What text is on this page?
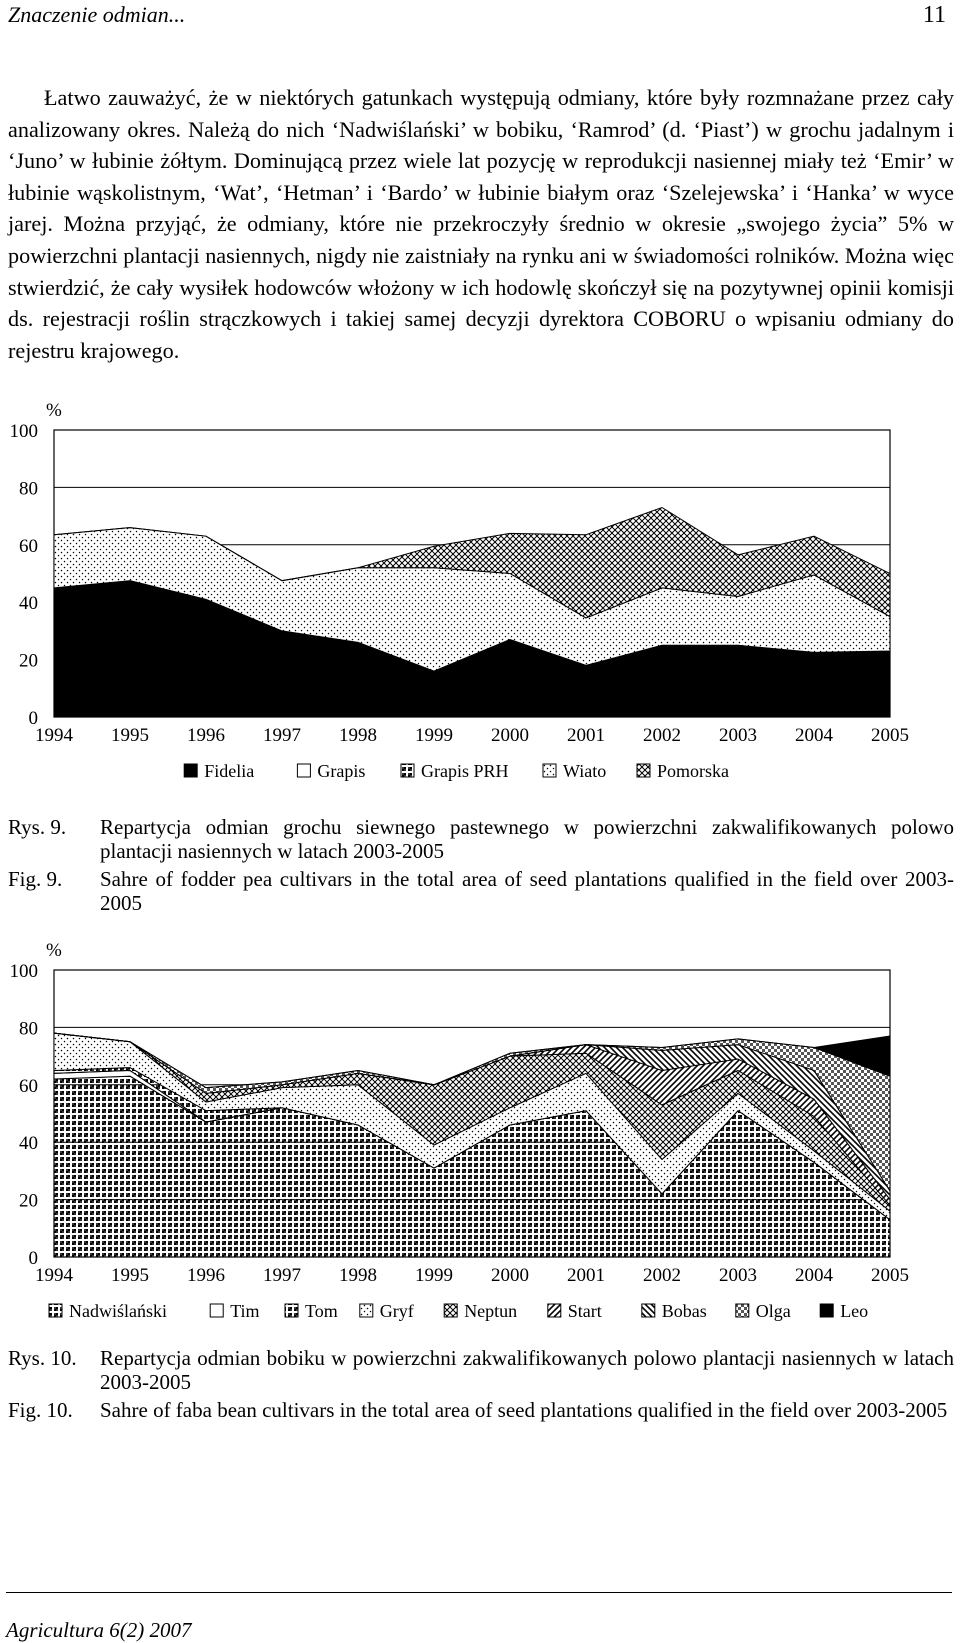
Znaczenie odmian...	11

Łatwo zauważyć, że w niektórych gatunkach występują odmiany, które były rozmnażane przez cały analizowany okres. Należą do nich ‘Nadwiślański’ w bobiku, ‘Ramrod’ (d. ‘Piast’) w grochu jadalnym i ‘Juno’ w łubinie żółtym. Dominującą przez wiele lat pozycję w reprodukcji nasiennej miały też ‘Emir’ w łubinie wąskolistnym, ‘Wat’, ‘Hetman’ i ‘Bardo’ w łubinie białym oraz ‘Szelejewska’ i ‘Hanka’ w wyce jarej. Można przyjąć, że odmiany, które nie przekroczyły średnio w okresie „swojego życia” 5% w powierzchni plantacji nasiennych, nigdy nie zaistniały na rynku ani w świadomości rolników. Można więc stwierdzić, że cały wysiłek hodowców włożony w ich hodowlę skończył się na pozytywnej opinii komisji ds. rejestracji roślin strączkowych i takiej samej decyzji dyrektora COBORU o wpisaniu odmiany do rejestru krajowego.

0
20
40
60
80
100
%
1994 1995 1996 1997 1998 1999 2000 2001 2002 2003 2004 2005
Fidelia	Grapis	Grapis PRH	Wiato	Pomorska
Rys. 9.	Repartycja odmian grochu siewnego pastewnego w powierzchni zakwalifikowanych polowo plantacji nasiennych w latach 2003-2005
Fig. 9.	Sahre of fodder pea cultivars in the total area of seed plantations qualified in the field over 2003-2005
0
20
40
60
80
100
%
1994 1995 1996 1997 1998 1999 2000 2001 2002 2003 2004 2005
Nadwiślański	Tim	Tom Gryf	Neptun	Start	Bobas	Olga	Leo
Rys. 10.	Repartycja odmian bobiku w powierzchni zakwalifikowanych polowo plantacji nasiennych w latach 2003-2005
Fig. 10.	Sahre of faba bean cultivars in the total area of seed plantations qualified in the field over 2003-2005
Agricultura 6(2) 2007
